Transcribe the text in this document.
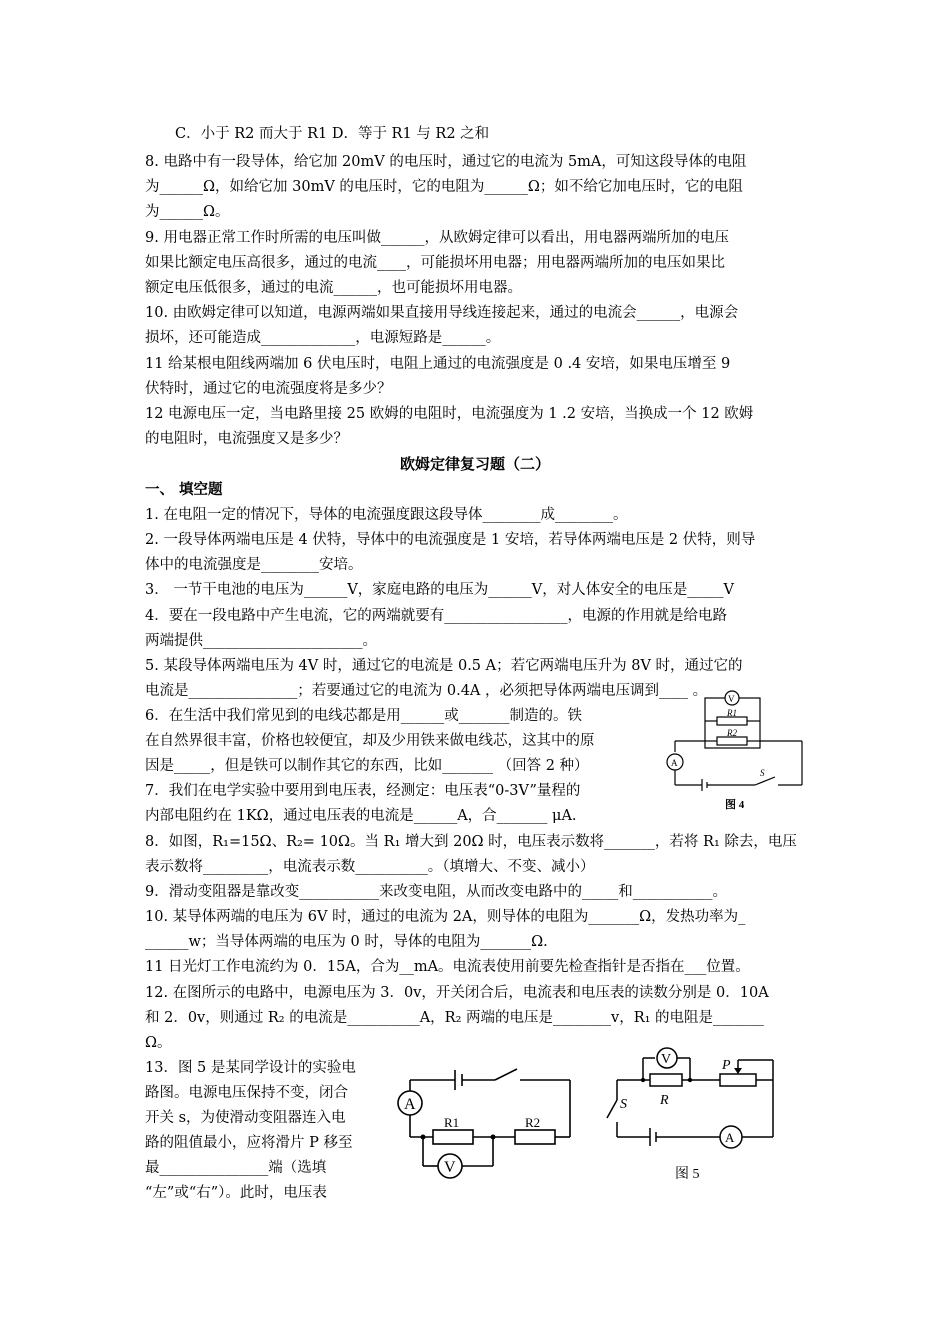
C．小于 R2 而大于 R1 D．等于 R1 与 R2 之和
8. 电路中有一段导体，给它加 20mV 的电压时，通过它的电流为 5mA，可知这段导体的电阻
为______Ω，如给它加 30mV 的电压时，它的电阻为______Ω；如不给它加电压时，它的电阻
为______Ω。
9. 用电器正常工作时所需的电压叫做______，从欧姆定律可以看出，用电器两端所加的电压
如果比额定电压高很多，通过的电流____，可能损坏用电器；用电器两端所加的电压如果比
额定电压低很多，通过的电流______，也可能损坏用电器。
10. 由欧姆定律可以知道，电源两端如果直接用导线连接起来，通过的电流会______，电源会
损坏，还可能造成_____________，电源短路是______。
11 给某根电阻线两端加 6 伏电压时，电阻上通过的电流强度是 0 .4 安培，如果电压增至 9
伏特时，通过它的电流强度将是多少？
12 电源电压一定，当电路里接 25 欧姆的电阻时，电流强度为 1 .2 安培，当换成一个 12 欧姆
的电阻时，电流强度又是多少？
欧姆定律复习题（二）
一、 填空题
1. 在电阻一定的情况下，导体的电流强度跟这段导体________成________。
2. 一段导体两端电压是 4 伏特，导体中的电流强度是 1 安培，若导体两端电压是 2 伏特，则导
体中的电流强度是________安培。
3． 一节干电池的电压为______V，家庭电路的电压为______V，对人体安全的电压是_____V
4．要在一段电路中产生电流，它的两端就要有_________________，电源的作用就是给电路
两端提供______________________。
5. 某段导体两端电压为 4V 时，通过它的电流是 0.5 A；若它两端电压升为 8V 时，通过它的
电流是_______________；若要通过它的电流为 0.4A ，必须把导体两端电压调到____ 。
6．在生活中我们常见到的电线芯都是用______或_______制造的。铁
在自然界很丰富，价格也较便宜，却及少用铁来做电线芯，这其中的原
因是_____，但是铁可以制作其它的东西，比如_______ （回答 2 种）
7．我们在电学实验中要用到电压表，经测定：电压表“0-3V”量程的
内部电阻约在 1KΩ，通过电压表的电流是______A，合_______ μA.
8．如图，R₁=15Ω、R₂= 10Ω。当 R₁ 增大到 20Ω 时，电压表示数将_______，若将 R₁ 除去，电压
表示数将_________，电流表示数__________。（填增大、不变、减小）
9．滑动变阻器是靠改变___________来改变电阻，从而改变电路中的_____和___________。
10. 某导体两端的电压为 6V 时，通过的电流为 2A，则导体的电阻为_______Ω，发热功率为_
______w；当导体两端的电压为 0 时，导体的电阻为_______Ω.
11 日光灯工作电流约为 0．15A，合为__mA。电流表使用前要先检查指针是否指在___位置。
12. 在图所示的电路中，电源电压为 3．0v，开关闭合后，电流表和电压表的读数分别是 0．10A
和 2．0v，则通过 R₂ 的电流是__________A，R₂ 两端的电压是________v，R₁ 的电阻是_______
Ω。
13．图 5 是某同学设计的实验电
路图。电源电压保持不变，闭合
开关 s，为使滑动变阻器连入电
路的阻值最小，应将滑片 P 移至
最_______________端（选填
“左”或“右”）。此时，电压表
V
R1
R2
A
S
图 4
A
R1	R2
V
V	P
S R
A
图 5
